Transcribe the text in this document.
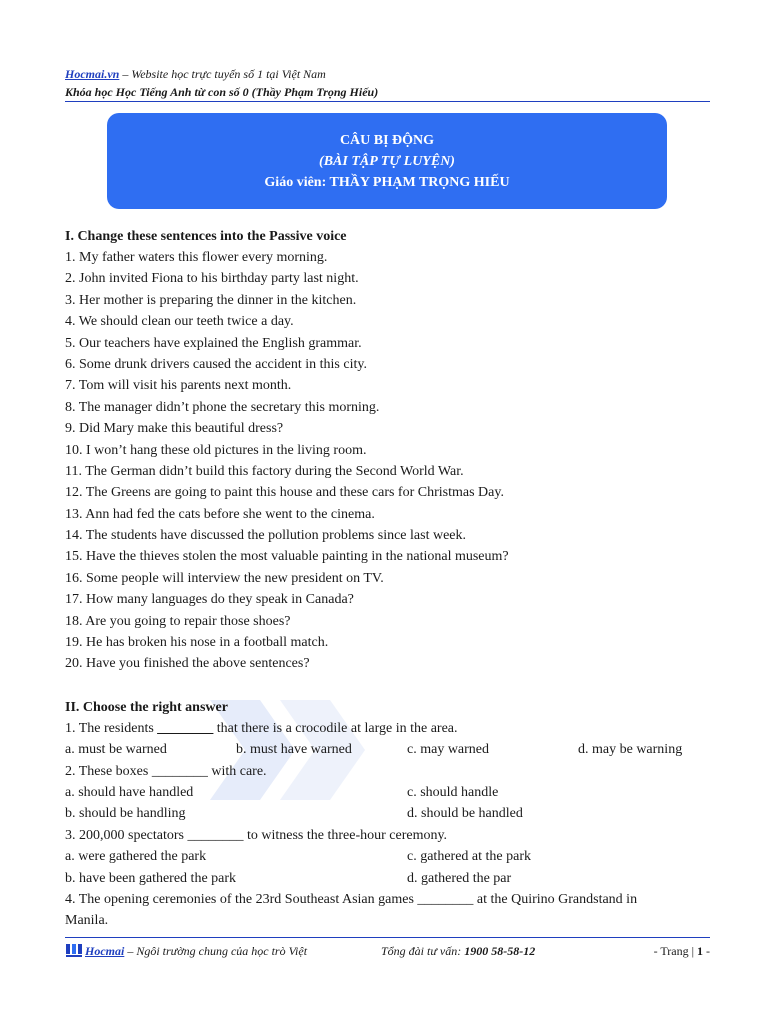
Hocmai.vn – Website học trực tuyến số 1 tại Việt Nam
Khóa học Học Tiếng Anh từ con số 0 (Thầy Phạm Trọng Hiếu)
CÂU BỊ ĐỘNG
(BÀI TẬP TỰ LUYỆN)
Giáo viên: THẦY PHẠM TRỌNG HIẾU
I. Change these sentences into the Passive voice
1. My father waters this flower every morning.
2. John invited Fiona to his birthday party last night.
3. Her mother is preparing the dinner in the kitchen.
4. We should clean our teeth twice a day.
5. Our teachers have explained the English grammar.
6. Some drunk drivers caused the accident in this city.
7. Tom will visit his parents next month.
8. The manager didn’t phone the secretary this morning.
9. Did Mary make this beautiful dress?
10. I won’t hang these old pictures in the living room.
11. The German didn’t build this factory during the Second World War.
12. The Greens are going to paint this house and these cars for Christmas Day.
13. Ann had fed the cats before she went to the cinema.
14. The students have discussed the pollution problems since last week.
15. Have the thieves stolen the most valuable painting in the national museum?
16. Some people will interview the new president on TV.
17. How many languages do they speak in Canada?
18. Are you going to repair those shoes?
19. He has broken his nose in a football match.
20. Have you finished the above sentences?
II. Choose the right answer
1. The residents ________ that there is a crocodile at large in the area.
a. must be warned	b. must have warned	c. may warned	d. may be warning
2. These boxes ________ with care.
a. should have handled	c. should handle
b. should be handling	d. should be handled
3. 200,000 spectators ________ to witness the three-hour ceremony.
a. were gathered the park	c. gathered at the park
b. have been gathered the park	d. gathered the par
4. The opening ceremonies of the 23rd Southeast Asian games ________ at the Quirino Grandstand in
Manila.
Hocmai – Ngôi trường chung của học trò Việt	Tổng đài tư vấn: 1900 58-58-12	- Trang | 1 -
